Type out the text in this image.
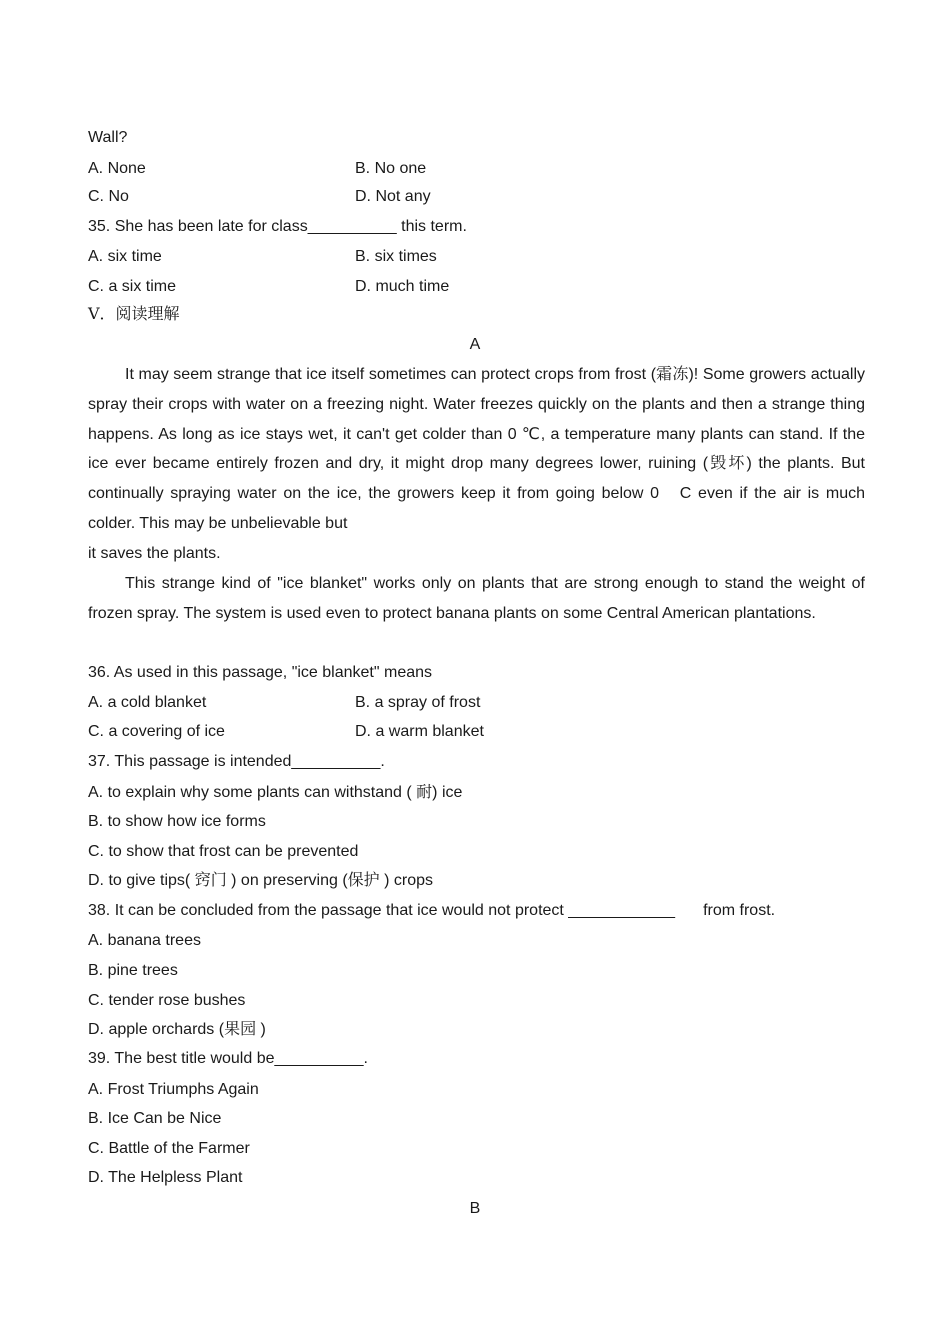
Wall?
A. None	B. No one
C. No	D. Not any
35. She has been late for class__________ this term.
A. six time	B. six times
C. a six time	D. much time
Ⅴ．阅读理解
A
It may seem strange that ice itself sometimes can protect crops from frost (霜冻)! Some growers actually spray their crops with water on a freezing night. Water freezes quickly on the plants and then a strange thing happens. As long as ice stays wet, it can't get colder than 0 ℃, a temperature many plants can stand. If the ice ever became entirely frozen and dry, it might drop many degrees lower, ruining (毁坏) the plants. But continually spraying water on the ice, the growers keep it from going below 0 C even if the air is much colder. This may be unbelievable but
it saves the plants.
This strange kind of "ice blanket" works only on plants that are strong enough to stand the weight of frozen spray. The system is used even to protect banana plants on some Central American plantations.
36. As used in this passage, "ice blanket" means
A. a cold blanket	B. a spray of frost
C. a covering of ice	D. a warm blanket
37. This passage is intended__________.
A. to explain why some plants can withstand ( 耐) ice
B. to show how ice forms
C. to show that frost can be prevented
D. to give tips( 窍门 ) on preserving (保护 ) crops
38. It can be concluded from the passage that ice would not protect ____________ from frost.
A. banana trees
B. pine trees
C. tender rose bushes
D. apple orchards (果园 )
39. The best title would be__________.
A. Frost Triumphs Again
B. Ice Can be Nice
C. Battle of the Farmer
D. The Helpless Plant
B
